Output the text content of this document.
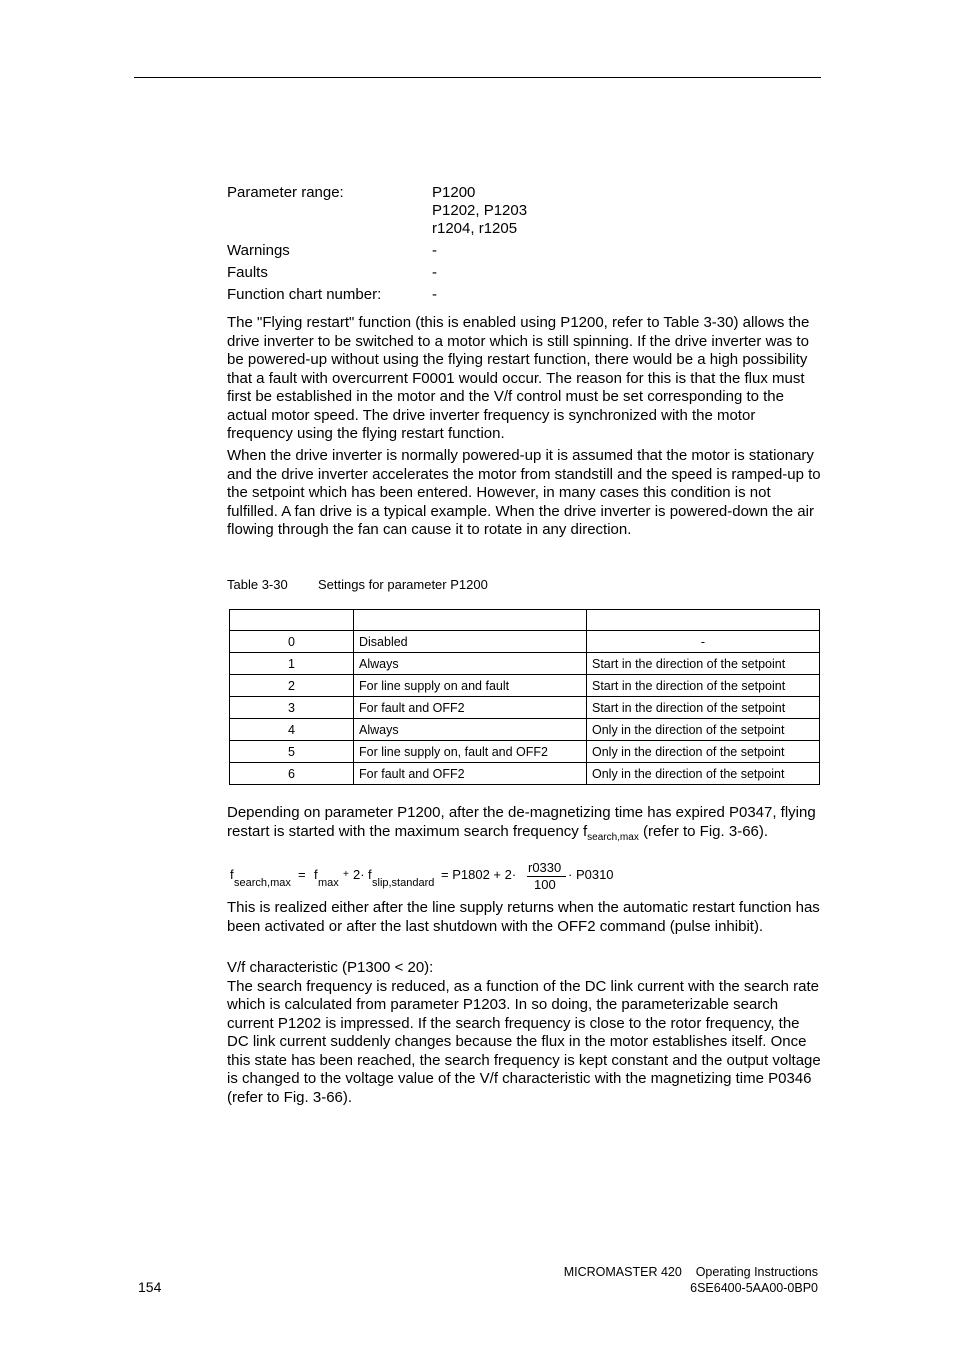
Parameter range:	P1200
P1202, P1203
r1204, r1205
Warnings	-
Faults	-
Function chart number:	-

The "Flying restart" function (this is enabled using P1200, refer to Table 3-30) allows the drive inverter to be switched to a motor which is still spinning. If the drive inverter was to be powered-up without using the flying restart function, there would be a high possibility that a fault with overcurrent F0001 would occur. The reason for this is that the flux must first be established in the motor and the V/f control must be set corresponding to the actual motor speed. The drive inverter frequency is synchronized with the motor frequency using the flying restart function.

When the drive inverter is normally powered-up it is assumed that the motor is stationary and the drive inverter accelerates the motor from standstill and the speed is ramped-up to the setpoint which has been entered. However, in many cases this condition is not fulfilled. A fan drive is a typical example. When the drive inverter is powered-down the air flowing through the fan can cause it to rotate in any direction.

Table 3-30 Settings for parameter P1200

0	Disabled	-
1	Always	Start in the direction of the setpoint
2	For line supply on and fault	Start in the direction of the setpoint
3	For fault and OFF2	Start in the direction of the setpoint
4	Always	Only in the direction of the setpoint
5	For line supply on, fault and OFF2	Only in the direction of the setpoint
6	For fault and OFF2	Only in the direction of the setpoint

Depending on parameter P1200, after the de-magnetizing time has expired P0347, flying restart is started with the maximum search frequency $f_{search,max}$ (refer to Fig. 3-66).

f
search,max
= f
max
+ 2· f
slip,standard
= P1802 + 2· r0330
100
· P0310

This is realized either after the line supply returns when the automatic restart function has been activated or after the last shutdown with the OFF2 command (pulse inhibit).

V/f characteristic (P1300 < 20):
The search frequency is reduced, as a function of the DC link current with the search rate which is calculated from parameter P1203. In so doing, the parameterizable search current P1202 is impressed. If the search frequency is close to the rotor frequency, the DC link current suddenly changes because the flux in the motor establishes itself. Once this state has been reached, the search frequency is kept constant and the output voltage is changed to the voltage value of the V/f characteristic with the magnetizing time P0346 (refer to Fig. 3-66).

154
MICROMASTER 420    Operating Instructions
6SE6400-5AA00-0BP0
